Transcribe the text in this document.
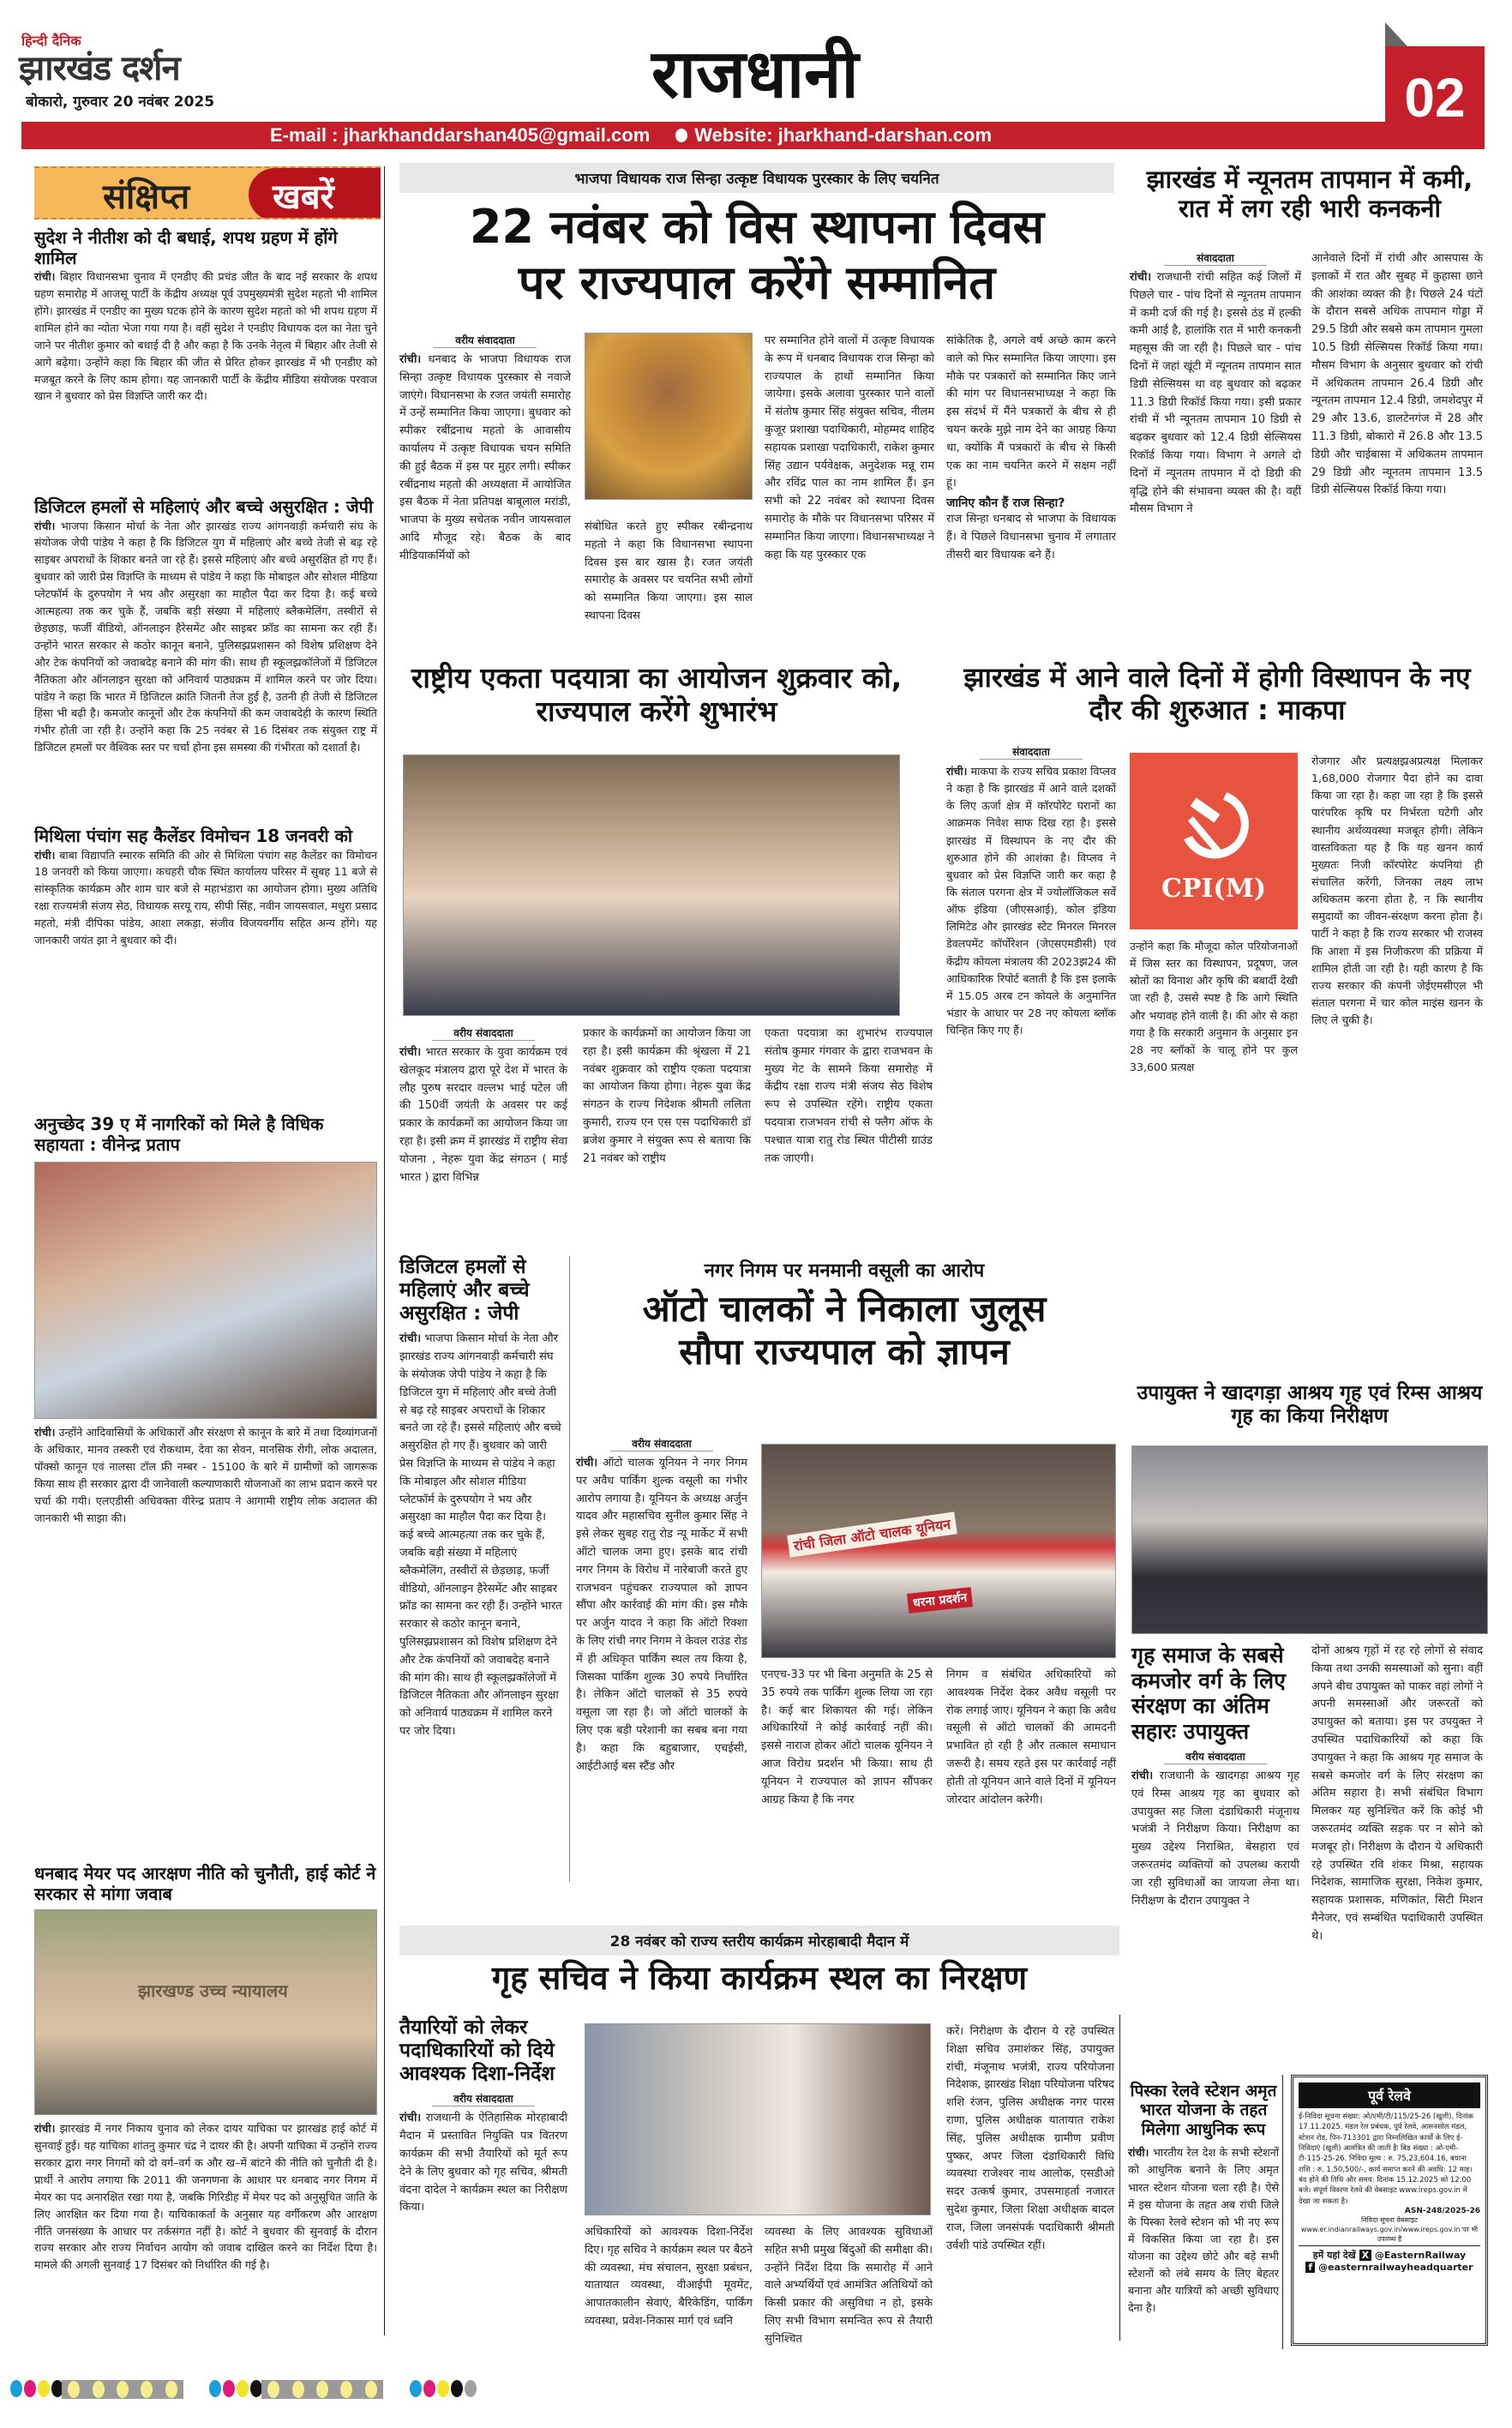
हिन्दी दैनिक
झारखंड दर्शन
बोकारो, गुरुवार 20 नवंबर 2025	राजधानी
E-mail : jharkhanddarshan405@gmail.com Website: jharkhand-darshan.com
02
संक्षिप्त	खबरें
सुदेश ने नीतीश को दी बधाई, शपथ ग्रहण में होंगे शामिल
रांची। बिहार विधानसभा चुनाव में एनडीए की प्रचंड जीत के बाद नई सरकार के शपथ ग्रहण समारोह में आजसू पार्टी के केंद्रीय अध्यक्ष पूर्व उपमुख्यमंत्री सुदेश महतो भी शामिल होंगे। झारखंड में एनडीए का मुख्य घटक होने के कारण सुदेश महतो को भी शपथ ग्रहण में शामिल होने का न्योता भेजा गया गया है। वहीं सुदेश ने एनडीए विधायक दल का नेता चुने जाने पर नीतीश कुमार को बधाई दी है और कहा है कि उनके नेतृत्व में बिहार और तेजी से आगे बढ़ेगा। उन्होंने कहा कि बिहार की जीत से प्रेरित होकर झारखंड में भी एनडीए को मजबूत करने के लिए काम होगा। यह जानकारी पार्टी के केंद्रीय मीडिया संयोजक परवाज खान ने बुधवार को प्रेस विज्ञप्ति जारी कर दी।
डिजिटल हमलों से महिलाएं और बच्चे असुरक्षित : जेपी
रांची। भाजपा किसान मोर्चा के नेता और झारखंड राज्य आंगनवाड़ी कर्मचारी संघ के संयोजक जेपी पांडेय ने कहा है कि डिजिटल युग में महिलाएं और बच्चे तेजी से बढ़ रहे साइबर अपराधों के शिकार बनते जा रहे हैं। इससे महिलाएं और बच्चे असुरक्षित हो गए हैं। बुधवार को जारी प्रेस विज्ञप्ति के माध्यम से पांडेय ने कहा कि मोबाइल और सोशल मीडिया प्लेटफॉर्म के दुरुपयोग ने भय और असुरक्षा का माहौल पैदा कर दिया है। कई बच्चे आत्महत्या तक कर चुके हैं, जबकि बड़ी संख्या में महिलाएं ब्लैकमेलिंग, तस्वीरों से छेड़छाड़, फर्जी वीडियो, ऑनलाइन हैरेसमेंट और साइबर फ्रॉड का सामना कर रही हैं। उन्होंने भारत सरकार से कठोर कानून बनाने, पुलिसझ्रप्रशासन को विशेष प्रशिक्षण देने और टेक कंपनियों को जवाबदेह बनाने की मांग की। साथ ही स्कूलझ्रकॉलेजों में डिजिटल नैतिकता और ऑनलाइन सुरक्षा को अनिवार्य पाठ्यक्रम में शामिल करने पर जोर दिया। पांडेय ने कहा कि भारत में डिजिटल क्रांति जितनी तेज हुई है, उतनी ही तेजी से डिजिटल हिंसा भी बढ़ी है। कमजोर कानूनों और टेक कंपनियों की कम जवाबदेही के कारण स्थिति गंभीर होती जा रही है। उन्होंने कहा कि 25 नवंबर से 16 दिसंबर तक संयुक्त राष्ट्र में डिजिटल हमलों पर वैश्विक स्तर पर चर्चा होना इस समस्या की गंभीरता को दशार्ता है।
मिथिला पंचांग सह कैलेंडर विमोचन 18 जनवरी को
रांची। बाबा विद्यापति स्मारक समिति की ओर से मिथिला पंचांग सह कैलेंडर का विमोचन 18 जनवरी को किया जाएगा। कचहरी चौक स्थित कार्यालय परिसर में सुबह 11 बजे से सांस्कृतिक कार्यक्रम और शाम चार बजे से महाभंडारा का आयोजन होगा। मुख्य अतिथि रक्षा राज्यमंत्री संजय सेठ, विधायक सरयू राय, सीपी सिंह, नवीन जायसवाल, मथुरा प्रसाद महतो, मंत्री दीपिका पांडेय, आशा लकड़ा, संजीव विजयवर्गीय सहित अन्य होंगे। यह जानकारी जयंत झा ने बुधवार को दी।
अनुच्छेद 39 ए में नागरिकों को मिले है विधिक सहायता : वीनेन्द्र प्रताप
रांची। उन्होंने आदिवासियों के अधिकारों और संरक्षण से कानून के बारे में तथा दिव्यांगजनों के अधिकार, मानव तस्करी एवं रोकथाम, देवा का सेवन, मानसिक रोगी, लोक अदालत, पॉक्सो कानून एवं नालसा टॉल फ्री नम्बर - 15100 के बारे में ग्रामीणों को जागरूक किया साथ ही सरकार द्वारा दी जानेवाली कल्याणकारी योजनाओं का लाभ प्रदान करने पर चर्चा की गयी। एलएडीसी अधिवक्ता वीरेन्द्र प्रताप ने आगामी राष्ट्रीय लोक अदालत की जानकारी भी साझा की।
धनबाद मेयर पद आरक्षण नीति को चुनौती, हाई कोर्ट ने सरकार से मांगा जवाब
झारखण्ड उच्च न्यायालय
रांची। झारखंड में नगर निकाय चुनाव को लेकर दायर याचिका पर झारखंड हाई कोर्ट में सुनवाई हुई। यह याचिका शांतनु कुमार चंद्र ने दायर की है। अपनी याचिका में उन्होंने राज्य सरकार द्वारा नगर निगमों को दो वर्ग–वर्ग क और ख–में बांटने की नीति को चुनौती दी है। प्रार्थी ने आरोप लगाया कि 2011 की जनगणना के आधार पर धनबाद नगर निगम में मेयर का पद अनारक्षित रखा गया है, जबकि गिरिडीह में मेयर पद को अनुसूचित जाति के लिए आरक्षित कर दिया गया है। याचिकाकर्ता के अनुसार यह वर्गीकरण और आरक्षण नीति जनसंख्या के आधार पर तर्कसंगत नहीं है। कोर्ट ने बुधवार की सुनवाई के दौरान राज्य सरकार और राज्य निर्वाचन आयोग को जवाब दाखिल करने का निर्देश दिया है। मामले की अगली सुनवाई 17 दिसंबर को निर्धारित की गई है।
भाजपा विधायक राज सिन्हा उत्कृष्ट विधायक पुरस्कार के लिए चयनित
22 नवंबर को विस स्थापना दिवस
पर राज्यपाल करेंगे सम्मानित
वरीय संवाददाता
रांची। धनबाद के भाजपा विधायक राज सिन्हा उत्कृष्ट विधायक पुरस्कार से नवाजे जाएंगे। विधानसभा के रजत जयंती समारोह में उन्हें सम्मानित किया जाएगा। बुधवार को स्पीकर रबींद्रनाथ महतो के आवासीय कार्यालय में उत्कृष्ट विधायक चयन समिति की हुई बैठक में इस पर मुहर लगी। स्पीकर रबींद्रनाथ महतो की अध्यक्षता में आयोजित इस बैठक में नेता प्रतिपक्ष बाबूलाल मरांडी, भाजपा के मुख्य सचेतक नवीन जायसवाल आदि मौजूद रहे। बैठक के बाद मीडियाकर्मियों को
संबोधित करते हुए स्पीकर रबीन्द्रनाथ महतो ने कहा कि विधानसभा स्थापना दिवस इस बार खास है। रजत जयंती समारोह के अवसर पर चयनित सभी लोगों को सम्मानित किया जाएगा। इस साल स्थापना दिवस
पर सम्मानित होने वालों में उत्कृष्ट विधायक के रूप में धनबाद विधायक राज सिन्हा को राज्यपाल के हाथों सम्मानित किया जायेगा। इसके अलावा पुरस्कार पाने वालों में संतोष कुमार सिंह संयुक्त सचिव, नीलम कुजूर प्रशाखा पदाधिकारी, मोहम्मद शाहिद सहायक प्रशाखा पदाधिकारी, राकेश कुमार सिंह उद्यान पर्यवेक्षक, अनुदेशक मन्नू राम और रविंद्र पाल का नाम शामिल हैं। इन सभी को 22 नवंबर को स्थापना दिवस समारोह के मौके पर विधानसभा परिसर में सम्मानित किया जाएगा। विधानसभाध्यक्ष ने कहा कि यह पुरस्कार एक
सांकेतिक है, अगले वर्ष अच्छे काम करने वाले को फिर सम्मानित किया जाएगा। इस मौके पर पत्रकारों को सम्मानित किए जाने की मांग पर विधानसभाध्यक्ष ने कहा कि इस संदर्भ में मैंने पत्रकारों के बीच से ही चयन करके मुझे नाम देने का आग्रह किया था, क्योंकि मैं पत्रकारों के बीच से किसी एक का नाम चयनित करने में सक्षम नहीं हूं।
जानिए कौन हैं राज सिन्हा?
राज सिन्हा धनबाद से भाजपा के विधायक हैं। वे पिछले विधानसभा चुनाव में लगातार तीसरी बार विधायक बने हैं।
झारखंड में न्यूनतम तापमान में कमी, रात में लग रही भारी कनकनी
संवाददाता
रांची। राजधानी रांची सहित कई जिलों में पिछले चार - पांच दिनों से न्यूनतम तापमान में कमी दर्ज की गई है। इससे ठंड में हल्की कमी आई है, हालांकि रात में भारी कनकनी महसूस की जा रही है। पिछले चार - पांच दिनों में जहां खूंटी में न्यूनतम तापमान सात डिग्री सेल्सियस था वह बुधवार को बढ़कर 11.3 डिग्री रिकॉर्ड किया गया। इसी प्रकार रांची में भी न्यूनतम तापमान 10 डिग्री से बढ़कर बुधवार को 12.4 डिग्री सेल्सियस रिकॉर्ड किया गया। विभाग ने अगले दो दिनों में न्यूनतम तापमान में दो डिग्री की वृद्धि होने की संभावना व्यक्त की है। वहीं मौसम विभाग ने
आनेवाले दिनों में रांची और आसपास के इलाकों में रात और सुबह में कुहासा छाने की आशंका व्यक्त की है। पिछले 24 घंटों के दौरान सबसे अधिक तापमान गोड्डा में 29.5 डिग्री और सबसे कम तापमान गुमला 10.5 डिग्री सेल्सियस रिकॉर्ड किया गया। मौसम विभाग के अनुसार बुधवार को रांची में अधिकतम तापमान 26.4 डिग्री और न्यूनतम तापमान 12.4 डिग्री, जमशेदपुर में 29 और 13.6, डालटेनगंज में 28 और 11.3 डिग्री, बोकारो में 26.8 और 13.5 डिग्री और चाईबासा में अधिकतम तापमान 29 डिग्री और न्यूनतम तापमान 13.5 डिग्री सेल्सियस रिकॉर्ड किया गया।
राष्ट्रीय एकता पदयात्रा का आयोजन शुक्रवार को, राज्यपाल करेंगे शुभारंभ
वरीय संवाददाता
रांची। भारत सरकार के युवा कार्यक्रम एवं खेलकूद मंत्रालय द्वारा पूरे देश में भारत के लौह पुरुष सरदार वल्लभ भाई पटेल जी की 150वीं जयंती के अवसर पर कई प्रकार के कार्यक्रमों का आयोजन किया जा रहा है। इसी क्रम में झारखंड में राष्ट्रीय सेवा योजना , नेहरू युवा केंद्र संगठन ( माई भारत ) द्वारा विभिन्न
प्रकार के कार्यक्रमों का आयोजन किया जा रहा है। इसी कार्यक्रम की श्रृंखला में 21 नवंबर शुक्रवार को राष्ट्रीय एकता पदयात्रा का आयोजन किया होगा। नेहरू युवा केंद्र संगठन के राज्य निदेशक श्रीमती ललिता कुमारी, राज्य एन एस एस पदाधिकारी डॉ ब्रजेश कुमार ने संयुक्त रूप से बताया कि 21 नवंबर को राष्ट्रीय
एकता पदयात्रा का शुभारंभ राज्यपाल संतोष कुमार गंगवार के द्वारा राजभवन के मुख्य गेट के सामने किया समारोह में केंद्रीय रक्षा राज्य मंत्री संजय सेठ विशेष रूप से उपस्थित रहेंगे। राष्ट्रीय एकता पदयात्रा राजभवन रांची से फ्लैग ऑफ के पश्चात यात्रा रातु रोड स्थित पीटीसी ग्राउंड तक जाएगी।
झारखंड में आने वाले दिनों में होगी विस्थापन के नए दौर की शुरुआत : माकपा
संवाददाता
रांची। माकपा के राज्य सचिव प्रकाश विप्लव ने कहा है कि झारखंड में आने वाले दशकों के लिए ऊर्जा क्षेत्र में कॉरपोरेट घरानों का आक्रमक निवेश साफ दिख रहा है। इससे झारखंड में विस्थापन के नए दौर की शुरुआत होने की आशंका है। विप्लव ने बुधवार को प्रेस विज्ञप्ति जारी कर कहा है कि संताल परगना क्षेत्र में ज्योलॉजिकल सर्वे ऑफ इंडिया (जीएसआई), कोल इंडिया लिमिटेड और झारखंड स्टेट मिनरल मिनरल डेवलपमेंट कॉर्पोरेशन (जेएसएमडीसी) एवं केंद्रीय कोयला मंत्रालय की 2023झ24 की आधिकारिक रिपोर्ट बताती है कि इस इलाके में 15.05 अरब टन कोयले के अनुमानित भंडार के आधार पर 28 नए कोयला ब्लॉक चिन्हित किए गए हैं।
CPI(M)
उन्होंने कहा कि मौजूदा कोल परियोजनाओं में जिस स्तर का विस्थापन, प्रदूषण, जल स्रोतों का विनाश और कृषि की बबार्दी देखी जा रही है, उससे स्पष्ट है कि आगे स्थिति और भयावह होने वाली है। की ओर से कहा गया है कि सरकारी अनुमान के अनुसार इन 28 नए ब्लॉकों के चालू होने पर कुल 33,600 प्रत्यक्ष
रोजगार और प्रत्यक्षझ्रअप्रत्यक्ष मिलाकर 1,68,000 रोजगार पैदा होने का दावा किया जा रहा है। कहा जा रहा है कि इससे पारंपरिक कृषि पर निर्भरता घटेगी और स्थानीय अर्थव्यवस्था मजबूत होगी। लेकिन वास्तविकता यह है कि यह खनन कार्य मुख्यतः निजी कॉरपोरेट कंपनियां ही संचालित करेंगी, जिनका लक्ष्य लाभ अधिकतम करना होता है, न कि स्थानीय समुदायों का जीवन-संरक्षण करना होता है। पार्टी ने कहा है कि राज्य सरकार भी राजस्व कि आशा में इस निजीकरण की प्रक्रिया में शामिल होती जा रही है। यही कारण है कि राज्य सरकार की कंपनी जेईएमसीएल भी संताल परगना में चार कोल माइंस खनन के लिए ले चुकी है।
डिजिटल हमलों से महिलाएं और बच्चे असुरक्षित : जेपी
रांची। भाजपा किसान मोर्चा के नेता और झारखंड राज्य आंगनवाड़ी कर्मचारी संघ के संयोजक जेपी पांडेय ने कहा है कि डिजिटल युग में महिलाएं और बच्चे तेजी से बढ़ रहे साइबर अपराधों के शिकार बनते जा रहे हैं। इससे महिलाएं और बच्चे असुरक्षित हो गए हैं। बुधवार को जारी प्रेस विज्ञप्ति के माध्यम से पांडेय ने कहा कि मोबाइल और सोशल मीडिया प्लेटफॉर्म के दुरुपयोग ने भय और असुरक्षा का माहौल पैदा कर दिया है। कई बच्चे आत्महत्या तक कर चुके हैं, जबकि बड़ी संख्या में महिलाएं ब्लैकमेलिंग, तस्वीरों से छेड़छाड़, फर्जी वीडियो, ऑनलाइन हैरेसमेंट और साइबर फ्रॉड का सामना कर रही हैं। उन्होंने भारत सरकार से कठोर कानून बनाने, पुलिसझ्रप्रशासन को विशेष प्रशिक्षण देने और टेक कंपनियों को जवाबदेह बनाने की मांग की। साथ ही स्कूलझ्रकॉलेजों में डिजिटल नैतिकता और ऑनलाइन सुरक्षा को अनिवार्य पाठ्यक्रम में शामिल करने पर जोर दिया।
नगर निगम पर मनमानी वसूली का आरोप
ऑटो चालकों ने निकाला जुलूस
सौपा राज्यपाल को ज्ञापन
वरीय संवाददाता
रांची। ऑटो चालक यूनियन ने नगर निगम पर अवैध पार्किंग शुल्क वसूली का गंभीर आरोप लगाया है। यूनियन के अध्यक्ष अर्जुन यादव और महासचिव सुनील कुमार सिंह ने इसे लेकर सुबह रातु रोड न्यू मार्केट में सभी ऑटो चालक जमा हुए। इसके बाद रांची नगर निगम के विरोध में नारेबाजी करते हुए राजभवन पहुंचकर राज्यपाल को ज्ञापन सौंपा और कार्रवाई की मांग की। इस मौके पर अर्जुन यादव ने कहा कि ऑटो रिक्शा के लिए रांची नगर निगम ने केवल राउंड रोड में ही अधिकृत पार्किंग स्थल तय किया है, जिसका पार्किंग शुल्क 30 रुपये निर्धारित है। लेकिन ऑटो चालकों से 35 रुपये वसूला जा रहा है। जो ऑटो चालकों के लिए एक बड़ी परेशानी का सबब बना गया है। कहा कि बहुबाजार, एचईसी, आईटीआई बस स्टैंड और
रांची जिला ऑटो चालक यूनियन
धरना प्रदर्शन
एनएच-33 पर भी बिना अनुमति के 25 से 35 रुपये तक पार्किंग शुल्क लिया जा रहा है। कई बार शिकायत की गई। लेकिन अधिकारियों ने कोई कार्रवाई नहीं की। इससे नाराज होकर ऑटो चालक यूनियन ने आज विरोध प्रदर्शन भी किया। साथ ही यूनियन ने राज्यपाल को ज्ञापन सौंपकर आग्रह किया है कि नगर
निगम व संबंधित अधिकारियों को आवश्यक निर्देश देकर अवैध वसूली पर रोक लगाई जाए। यूनियन ने कहा कि अवैध वसूली से ऑटो चालकों की आमदनी प्रभावित हो रही है और तत्काल समाधान जरूरी है। समय रहते इस पर कार्रवाई नहीं होती तो यूनियन आने वाले दिनों में यूनियन जोरदार आंदोलन करेगी।
उपायुक्त ने खादगड़ा आश्रय गृह एवं रिम्स आश्रय गृह का किया निरीक्षण
गृह समाज के सबसे कमजोर वर्ग के लिए संरक्षण का अंतिम सहारः उपायुक्त
वरीय संवाददाता
रांची। राजधानी के खादगड़ा आश्रय गृह एवं रिम्स आश्रय गृह का बुधवार को उपायुक्त सह जिला दंडाधिकारी मंजूनाथ भजंत्री ने निरीक्षण किया। निरीक्षण का मुख्य उद्देश्य निराश्रित, बेसहारा एवं जरूरतमंद व्यक्तियों को उपलब्ध करायी जा रही सुविधाओं का जायजा लेना था। निरीक्षण के दौरान उपायुक्त ने
दोनों आश्रय गृहों में रह रहे लोगों से संवाद किया तथा उनकी समस्याओं को सुना। वहीं अपने बीच उपायुक्त को पाकर वहां लोगों ने अपनी समस्साओं और जरूरतों को उपायुक्त को बताया। इस पर उपयुक्त ने उपस्थित पदाधिकारियों को कहा कि उपायुक्त ने कहा कि आश्रय गृह समाज के सबसे कमजोर वर्ग के लिए संरक्षण का अंतिम सहारा है। सभी संबंधित विभाग मिलकर यह सुनिश्चित करें कि कोई भी जरूरतमंद व्यक्ति सड़क पर न सोने को मजबूर हो। निरीक्षण के दौरान ये अधिकारी रहे उपस्थित रवि शंकर मिश्रा, सहायक निदेशक, सामाजिक सुरक्षा, निकेश कुमार, सहायक प्रशासक, मणिकांत, सिटी मिशन मैनेजर, एवं सम्बंधित पदाधिकारी उपस्थित थे।
28 नवंबर को राज्य स्तरीय कार्यक्रम मोरहाबादी मैदान में
गृह सचिव ने किया कार्यक्रम स्थल का निरक्षण
तैयारियों को लेकर पदाधिकारियों को दिये आवश्यक दिशा-निर्देश
वरीय संवाददाता
रांची। राजधानी के ऐतिहासिक मोरहाबादी मैदान में प्रस्तावित नियुक्ति पत्र वितरण कार्यक्रम की सभी तैयारियों को मूर्त रूप देने के लिए बुधवार को गृह सचिव, श्रीमती वंदना दादेल ने कार्यक्रम स्थल का निरीक्षण किया।
अधिकारियों को आवश्यक दिशा-निर्देश दिए। गृह सचिव ने कार्यक्रम स्थल पर बैठने की व्यवस्था, मंच संचालन, सुरक्षा प्रबंधन, यातायात व्यवस्था, वीआईपी मूवमेंट, आपातकालीन सेवाएं, बैरिकेडिंग, पार्किंग व्यवस्था, प्रवेश-निकास मार्ग एवं ध्वनि
व्यवस्था के लिए आवश्यक सुविधाओं सहित सभी प्रमुख बिंदुओं की समीक्षा की। उन्होंने निर्देश दिया कि समारोह में आने वाले अभ्यर्थियों एवं आमंत्रित अतिथियों को किसी प्रकार की असुविधा न हो, इसके लिए सभी विभाग समन्वित रूप से तैयारी सुनिश्चित
करें। निरीक्षण के दौरान ये रहे उपस्थित शिक्षा सचिव उमाशंकर सिंह, उपायुक्त रांची, मंजूनाथ भजंत्री, राज्य परियोजना निदेशक, झारखंड शिक्षा परियोजना परिषद शशि रंजन, पुलिस अधीक्षक नगर पारस राणा, पुलिस अधीक्षक यातायात राकेश सिंह, पुलिस अधीक्षक ग्रामीण प्रवीण पुष्कर, अपर जिला दंडाधिकारी विधि व्यवस्था राजेश्वर नाथ आलोक, एसडीओ सदर उत्कर्ष कुमार, उपसमाहर्ता नजारत सुदेश कुमार, जिला शिक्षा अधीक्षक बादल राज, जिला जनसंपर्क पदाधिकारी श्रीमती उर्वशी पांडे उपस्थित रहीं।
पिस्का रेलवे स्टेशन अमृत भारत योजना के तहत मिलेगा आधुनिक रूप
रांची। भारतीय रेल देश के सभी स्टेशनों को आधुनिक बनाने के लिए अमृत भारत स्टेशन योजना चला रही है। ऐसे में इस योजना के तहत अब रांची जिले के पिस्का रेलवे स्टेशन को भी नए रूप में विकसित किया जा रहा है। इस योजना का उद्देश्य छोटे और बड़े सभी स्टेशनों को लंबे समय के लिए बेहतर बनाना और यात्रियों को अच्छी सुविधाए देना है।
पूर्व रेलवे
ई-निविदा सूचना संख्या: ओ/एमी/टी/115/25-26 (खुली), दिनांक 17.11.2025. मंडल रेल प्रबंधक, पूर्व रेलवे, आसनसोल मंडल, स्टेशन रोड, पिन-713301 द्वारा निम्नलिखित कार्यों के लिए ई-निविदाएं (खुली) आमंत्रित की जाती हैः बिड संख्या : ओ-एमी-टी-115-25-26. निविदा मूल्य : रु. 75,23,604.16, बयाना राशि : रु. 1,50,500/-, कार्य समाप्त करने की अवधि: 12 माह। बंद होने की तिथि और समय: दिनांक 15.12.2025 को 12.00 बजे। संपूर्ण विवरण रेलवे की वेबसाइट www.ireps.gov.in में देखा जा सकता है।
ASN-248/2025-26
निविदा सूचना वेबसाइट www.er.indianrailways.gov.in/www.ireps.gov.in पर भी उपलब्ध है
हमें यहां देखें X @EasternRailway
f @easternrailwayheadquarter
